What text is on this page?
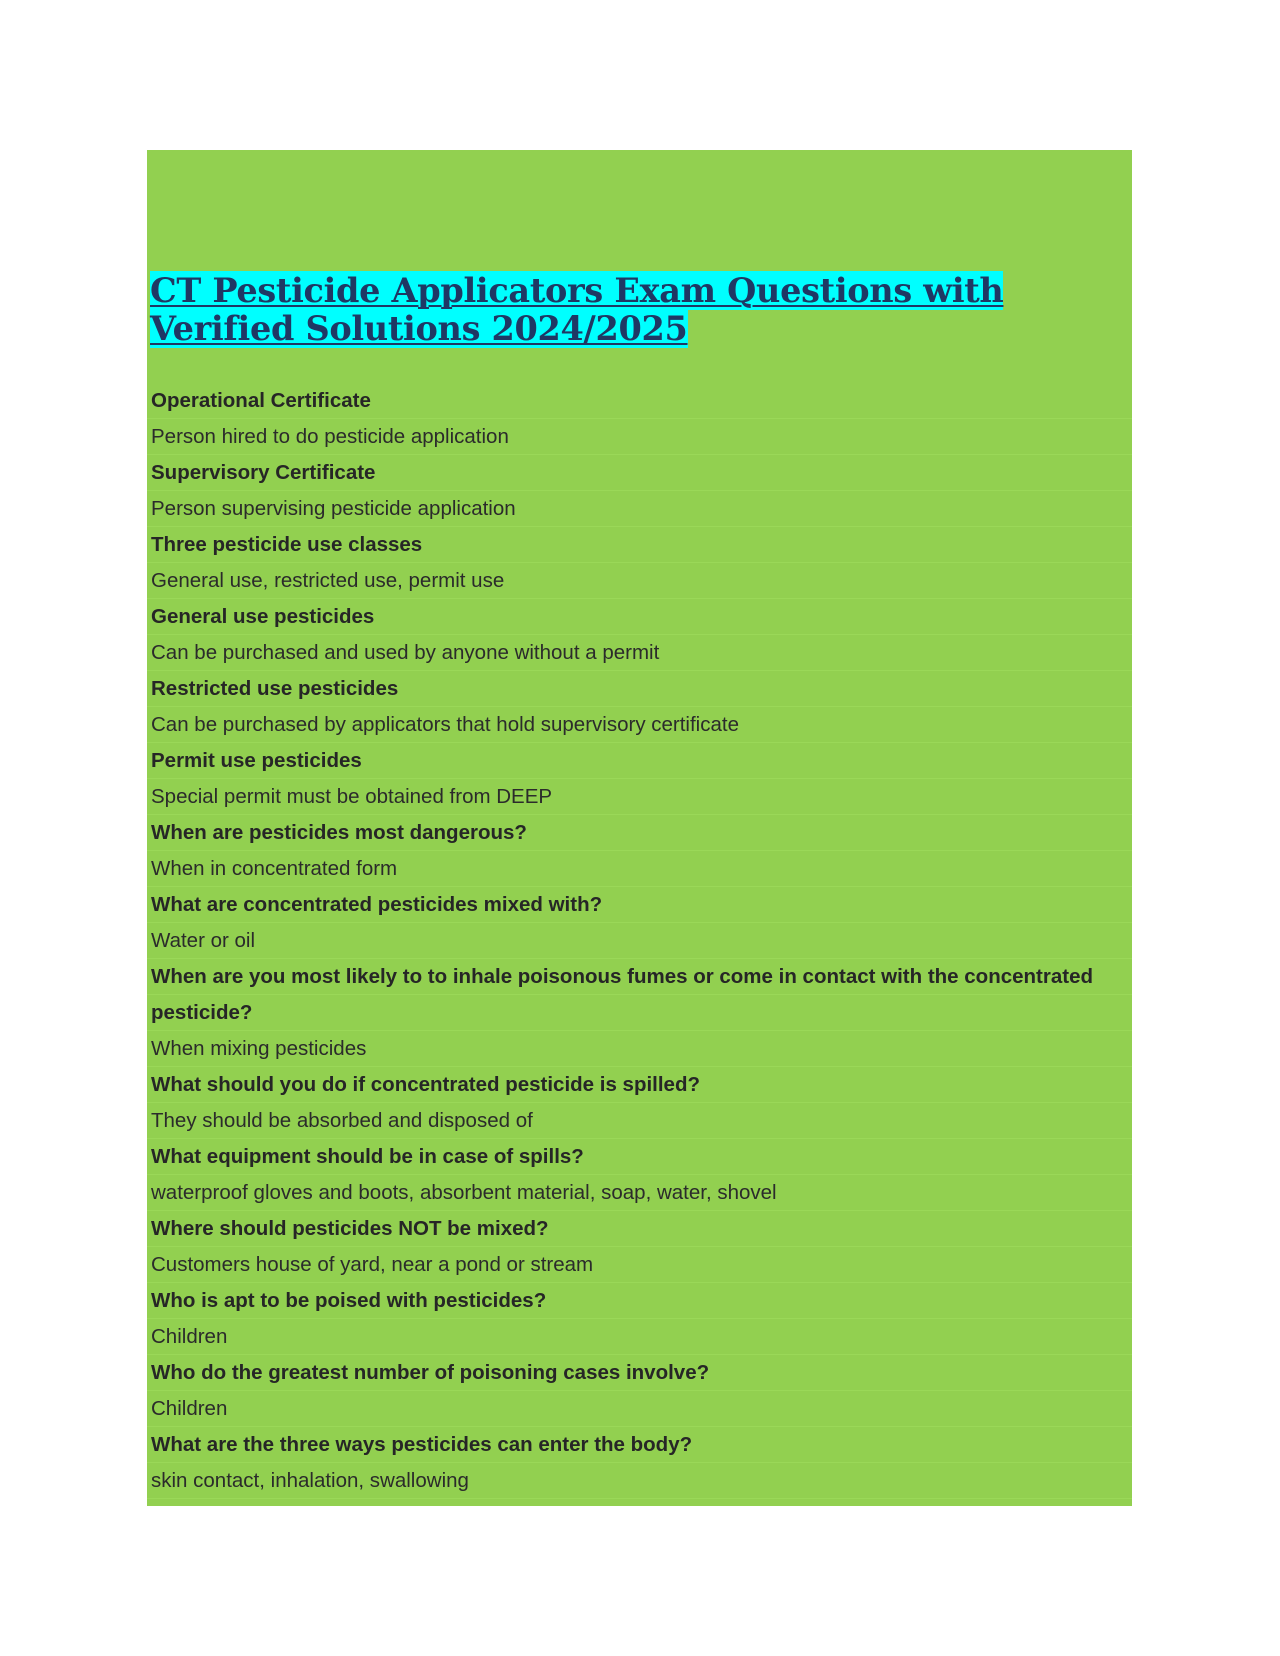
CT Pesticide Applicators Exam Questions with Verified Solutions 2024/2025
Operational Certificate
Person hired to do pesticide application
Supervisory Certificate
Person supervising pesticide application
Three pesticide use classes
General use, restricted use, permit use
General use pesticides
Can be purchased and used by anyone without a permit
Restricted use pesticides
Can be purchased by applicators that hold supervisory certificate
Permit use pesticides
Special permit must be obtained from DEEP
When are pesticides most dangerous?
When in concentrated form
What are concentrated pesticides mixed with?
Water or oil
When are you most likely to to inhale poisonous fumes or come in contact with the concentrated
pesticide?
When mixing pesticides
What should you do if concentrated pesticide is spilled?
They should be absorbed and disposed of
What equipment should be in case of spills?
waterproof gloves and boots, absorbent material, soap, water, shovel
Where should pesticides NOT be mixed?
Customers house of yard, near a pond or stream
Who is apt to be poised with pesticides?
Children
Who do the greatest number of poisoning cases involve?
Children
What are the three ways pesticides can enter the body?
skin contact, inhalation, swallowing
